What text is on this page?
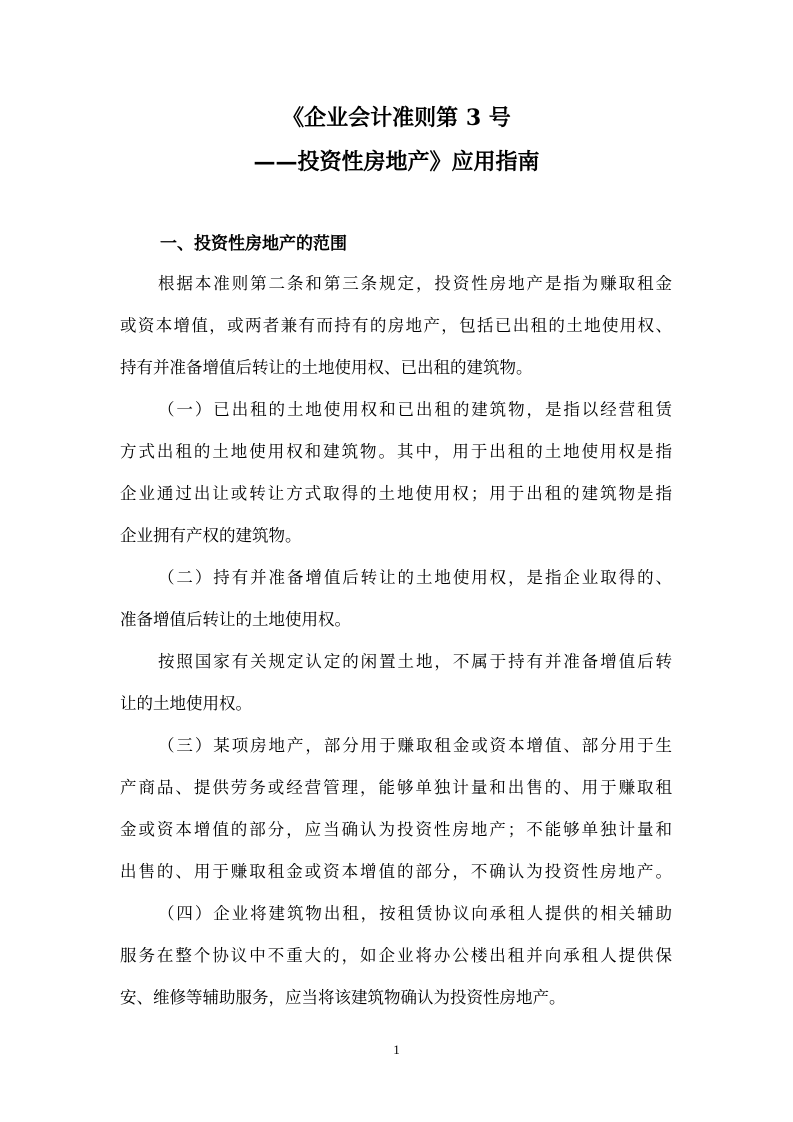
《企业会计准则第 3 号
——投资性房地产》应用指南
一、投资性房地产的范围
根据本准则第二条和第三条规定，投资性房地产是指为赚取租金
或资本增值，或两者兼有而持有的房地产，包括已出租的土地使用权、
持有并准备增值后转让的土地使用权、已出租的建筑物。
（一）已出租的土地使用权和已出租的建筑物，是指以经营租赁
方式出租的土地使用权和建筑物。其中，用于出租的土地使用权是指
企业通过出让或转让方式取得的土地使用权；用于出租的建筑物是指
企业拥有产权的建筑物。
（二）持有并准备增值后转让的土地使用权，是指企业取得的、
准备增值后转让的土地使用权。
按照国家有关规定认定的闲置土地，不属于持有并准备增值后转
让的土地使用权。
（三）某项房地产，部分用于赚取租金或资本增值、部分用于生
产商品、提供劳务或经营管理，能够单独计量和出售的、用于赚取租
金或资本增值的部分，应当确认为投资性房地产；不能够单独计量和
出售的、用于赚取租金或资本增值的部分，不确认为投资性房地产。
（四）企业将建筑物出租，按租赁协议向承租人提供的相关辅助
服务在整个协议中不重大的，如企业将办公楼出租并向承租人提供保
安、维修等辅助服务，应当将该建筑物确认为投资性房地产。
1
